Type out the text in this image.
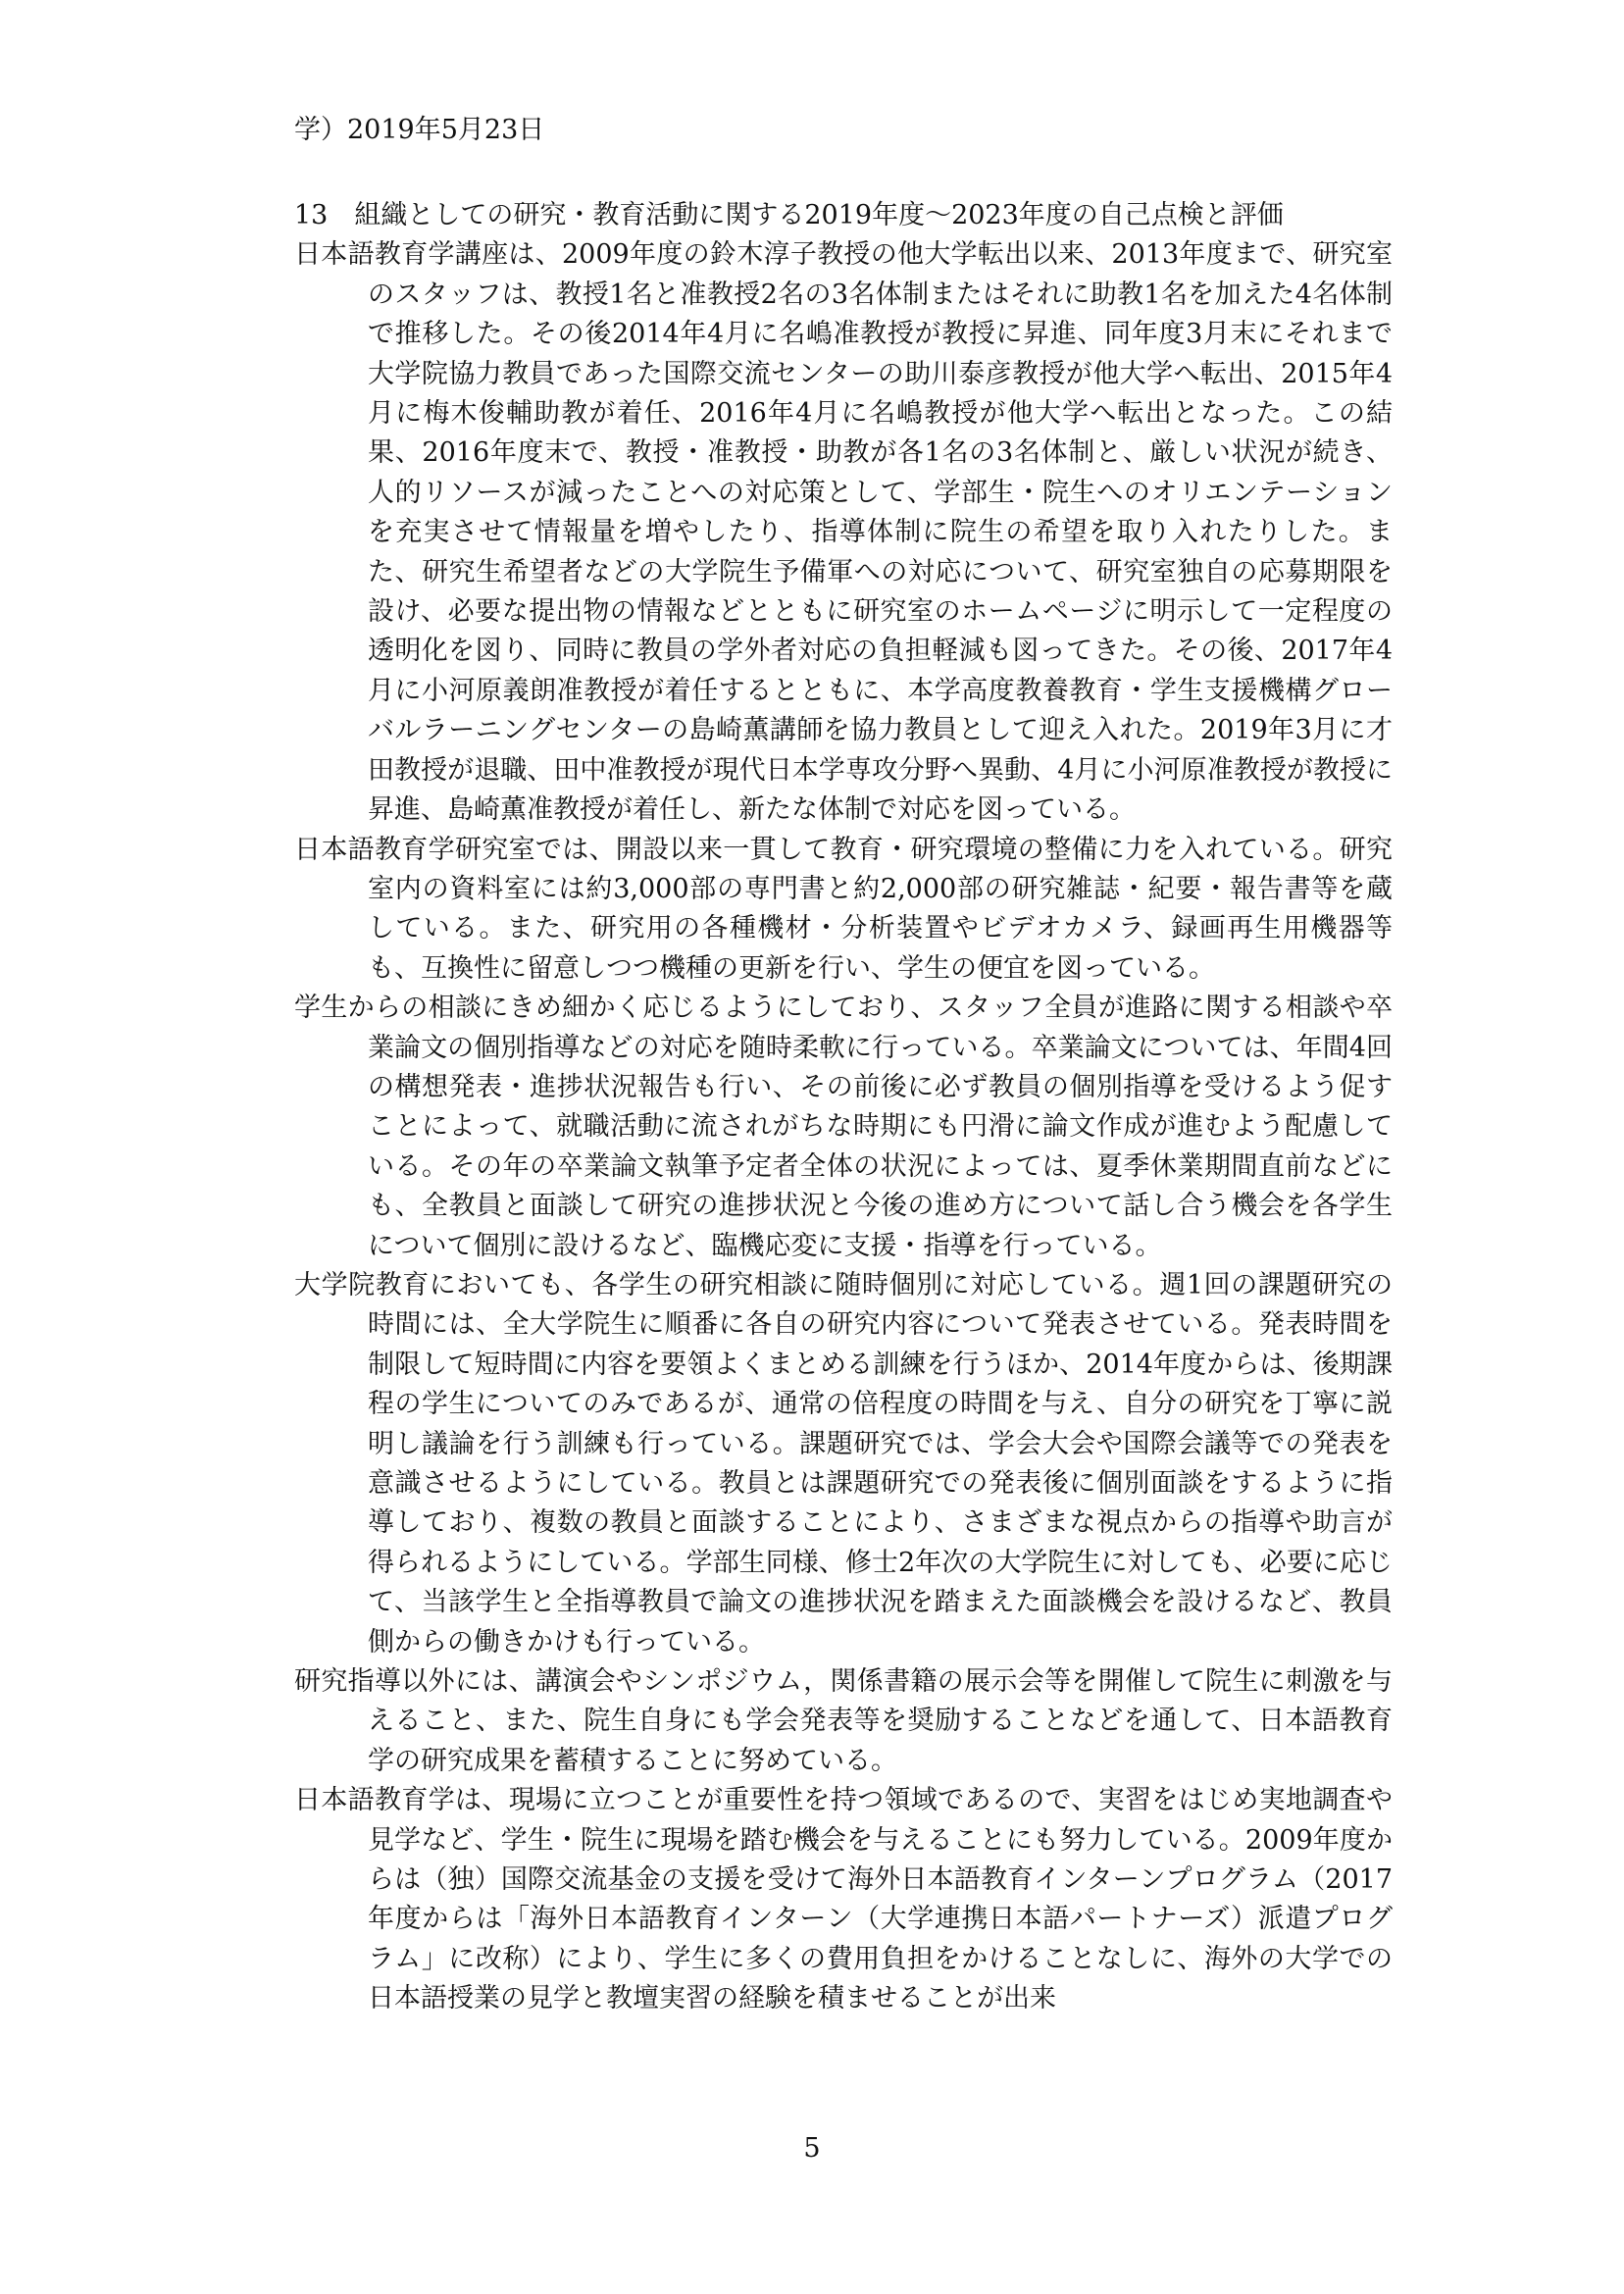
学）2019年5月23日
13　組織としての研究・教育活動に関する2019年度～2023年度の自己点検と評価

日本語教育学講座は、2009年度の鈴木淳子教授の他大学転出以来、2013年度まで、研究室のスタッフは、教授1名と准教授2名の3名体制またはそれに助教1名を加えた4名体制で推移した。その後2014年4月に名嶋准教授が教授に昇進、同年度3月末にそれまで大学院協力教員であった国際交流センターの助川泰彦教授が他大学へ転出、2015年4月に梅木俊輔助教が着任、2016年4月に名嶋教授が他大学へ転出となった。この結果、2016年度末で、教授・准教授・助教が各1名の3名体制と、厳しい状況が続き、人的リソースが減ったことへの対応策として、学部生・院生へのオリエンテーションを充実させて情報量を増やしたり、指導体制に院生の希望を取り入れたりした。また、研究生希望者などの大学院生予備軍への対応について、研究室独自の応募期限を設け、必要な提出物の情報などとともに研究室のホームページに明示して一定程度の透明化を図り、同時に教員の学外者対応の負担軽減も図ってきた。その後、2017年4月に小河原義朗准教授が着任するとともに、本学高度教養教育・学生支援機構グローバルラーニングセンターの島崎薫講師を協力教員として迎え入れた。2019年3月に才田教授が退職、田中准教授が現代日本学専攻分野へ異動、4月に小河原准教授が教授に昇進、島崎薫准教授が着任し、新たな体制で対応を図っている。

日本語教育学研究室では、開設以来一貫して教育・研究環境の整備に力を入れている。研究室内の資料室には約3,000部の専門書と約2,000部の研究雑誌・紀要・報告書等を蔵している。また、研究用の各種機材・分析装置やビデオカメラ、録画再生用機器等も、互換性に留意しつつ機種の更新を行い、学生の便宜を図っている。

学生からの相談にきめ細かく応じるようにしており、スタッフ全員が進路に関する相談や卒業論文の個別指導などの対応を随時柔軟に行っている。卒業論文については、年間4回の構想発表・進捗状況報告も行い、その前後に必ず教員の個別指導を受けるよう促すことによって、就職活動に流されがちな時期にも円滑に論文作成が進むよう配慮している。その年の卒業論文執筆予定者全体の状況によっては、夏季休業期間直前などにも、全教員と面談して研究の進捗状況と今後の進め方について話し合う機会を各学生について個別に設けるなど、臨機応変に支援・指導を行っている。

大学院教育においても、各学生の研究相談に随時個別に対応している。週1回の課題研究の時間には、全大学院生に順番に各自の研究内容について発表させている。発表時間を制限して短時間に内容を要領よくまとめる訓練を行うほか、2014年度からは、後期課程の学生についてのみであるが、通常の倍程度の時間を与え、自分の研究を丁寧に説明し議論を行う訓練も行っている。課題研究では、学会大会や国際会議等での発表を意識させるようにしている。教員とは課題研究での発表後に個別面談をするように指導しており、複数の教員と面談することにより、さまざまな視点からの指導や助言が得られるようにしている。学部生同様、修士2年次の大学院生に対しても、必要に応じて、当該学生と全指導教員で論文の進捗状況を踏まえた面談機会を設けるなど、教員側からの働きかけも行っている。

研究指導以外には、講演会やシンポジウム，関係書籍の展示会等を開催して院生に刺激を与えること、また、院生自身にも学会発表等を奨励することなどを通して、日本語教育学の研究成果を蓄積することに努めている。

日本語教育学は、現場に立つことが重要性を持つ領域であるので、実習をはじめ実地調査や見学など、学生・院生に現場を踏む機会を与えることにも努力している。2009年度からは（独）国際交流基金の支援を受けて海外日本語教育インターンプログラム（2017年度からは「海外日本語教育インターン（大学連携日本語パートナーズ）派遣プログラム」に改称）により、学生に多くの費用負担をかけることなしに、海外の大学での日本語授業の見学と教壇実習の経験を積ませることが出来

5
